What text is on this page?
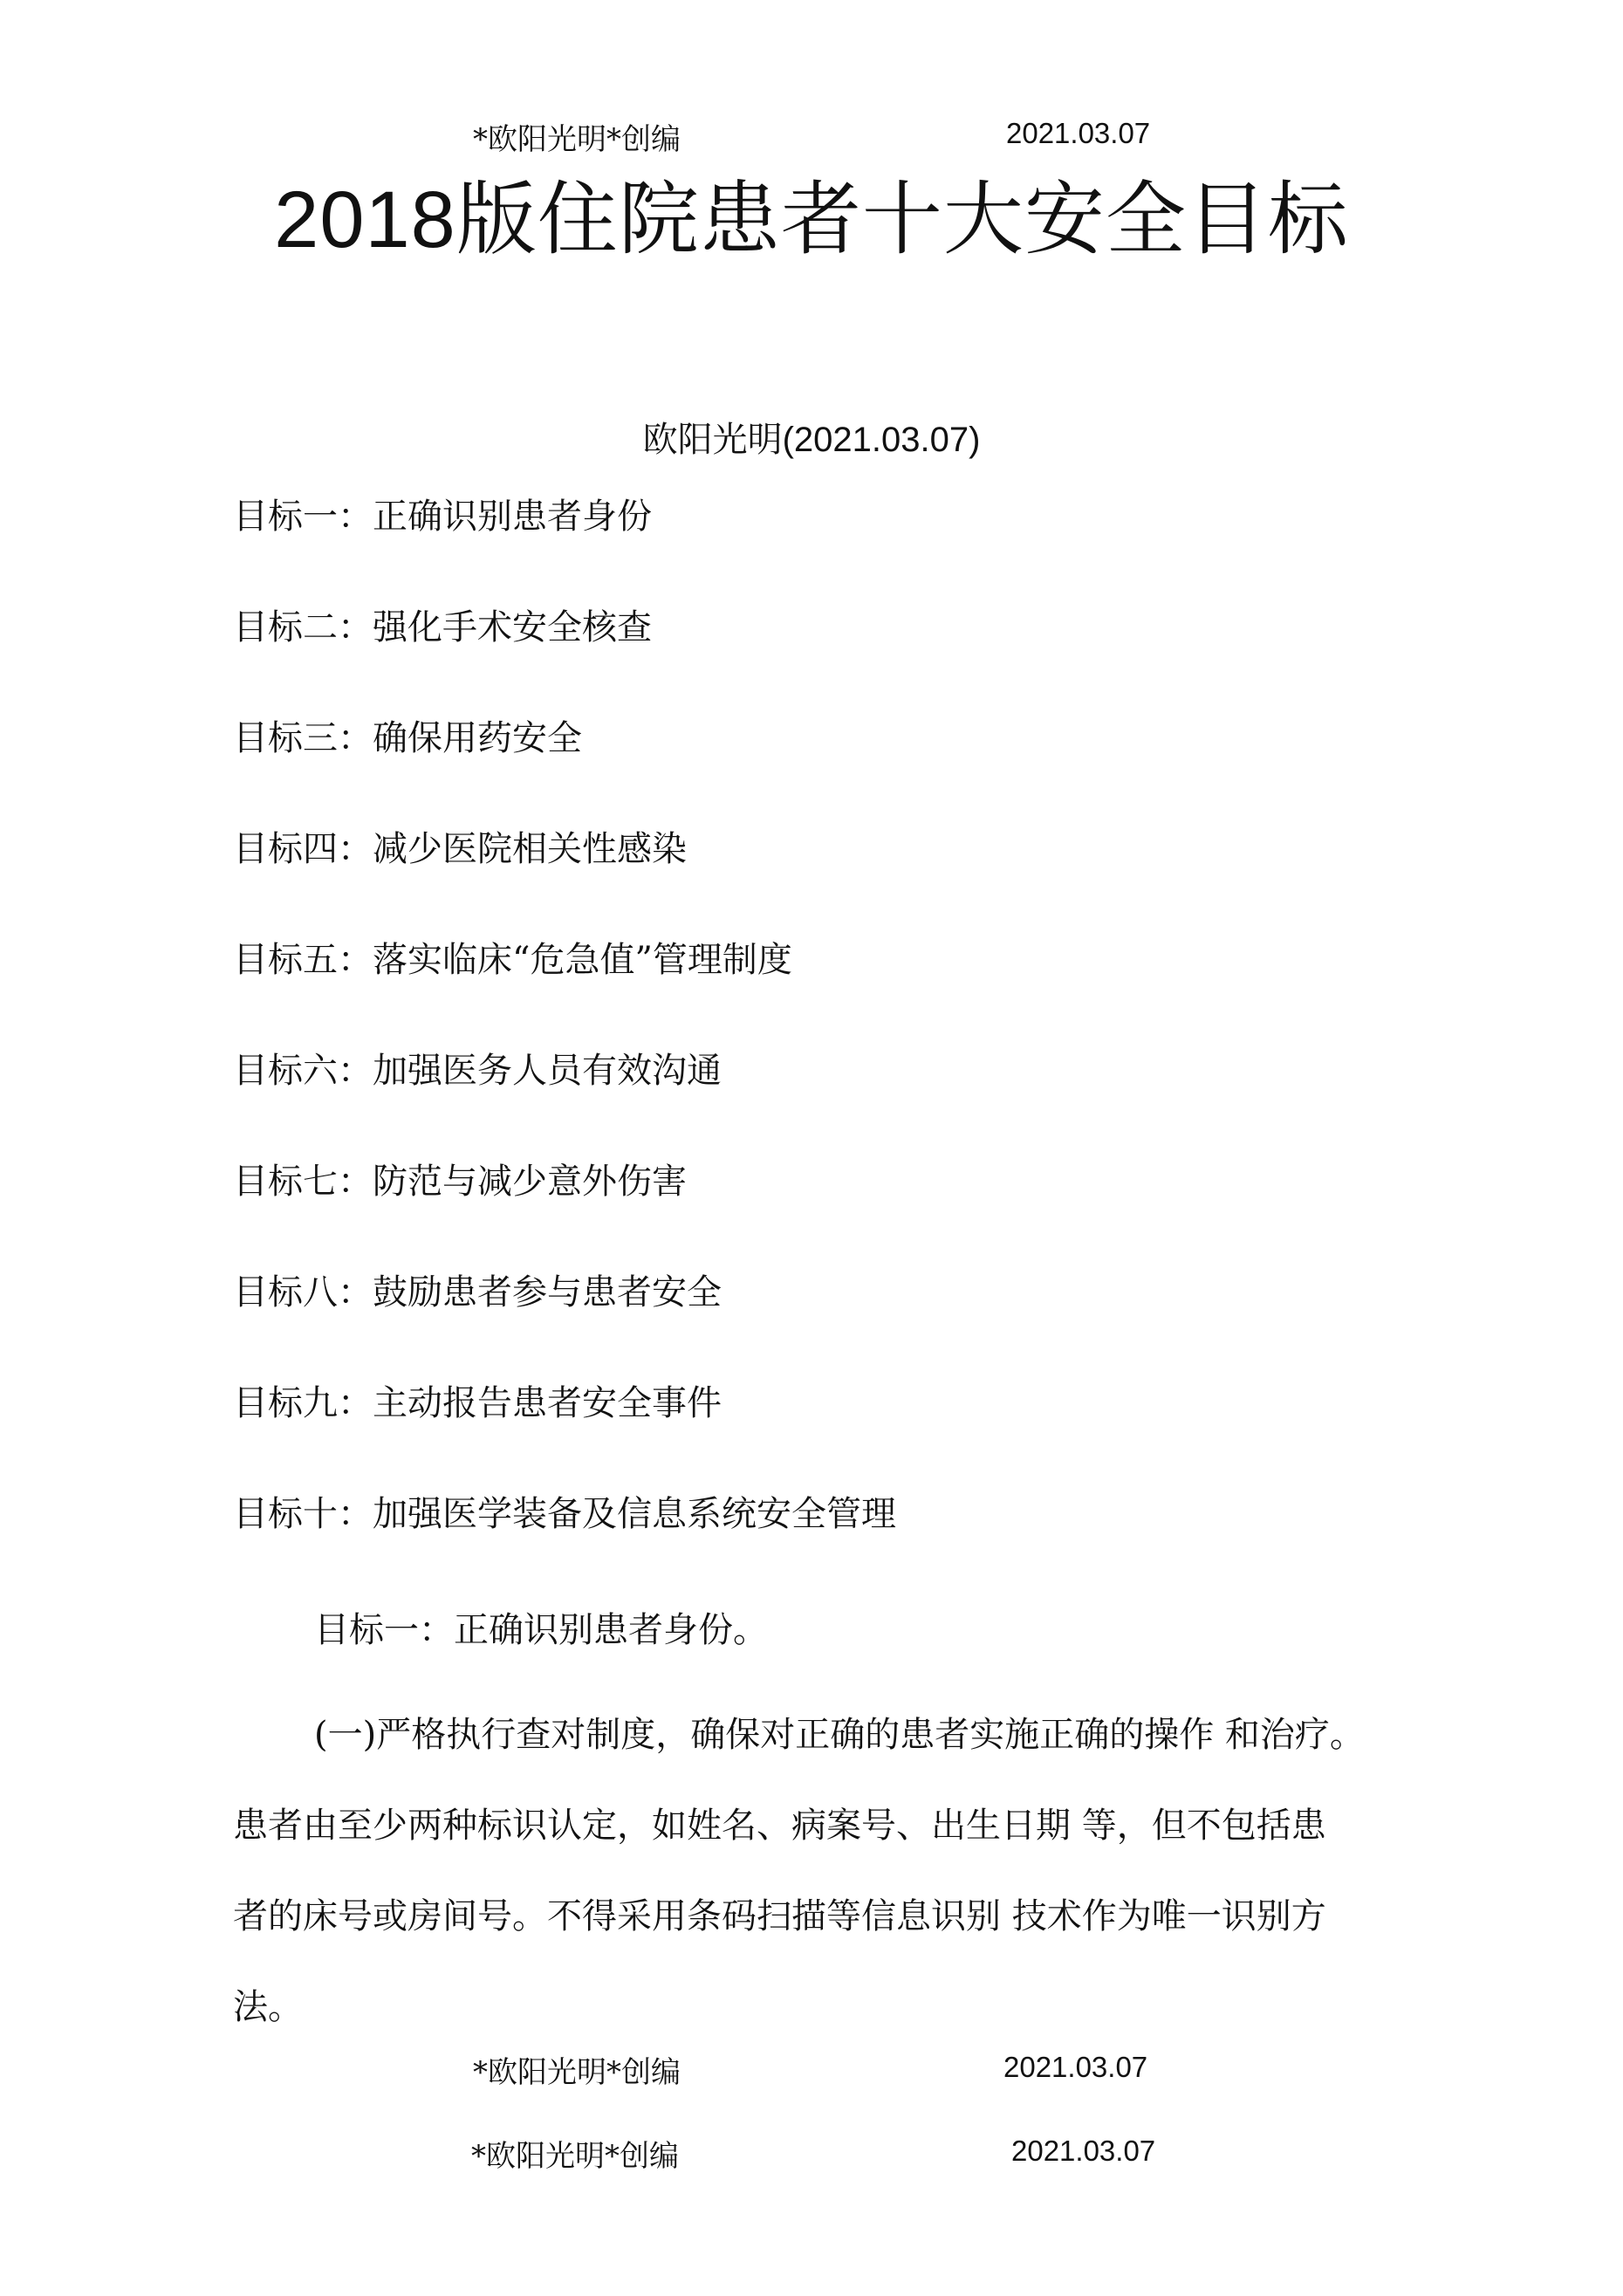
*欧阳光明*创编	2021.03.07
2018版住院患者十大安全目标
欧阳光明(2021.03.07)
目标一：正确识别患者身份
目标二：强化手术安全核查
目标三：确保用药安全
目标四：减少医院相关性感染
目标五：落实临床“危急值”管理制度
目标六：加强医务人员有效沟通
目标七：防范与减少意外伤害
目标八：鼓励患者参与患者安全
目标九：主动报告患者安全事件
目标十：加强医学装备及信息系统安全管理
目标一：正确识别患者身份。

(一)严格执行查对制度，确保对正确的患者实施正确的操作 和治疗。
患者由至少两种标识认定，如姓名、病案号、出生日期 等，但不包括患
者的床号或房间号。不得采用条码扫描等信息识别 技术作为唯一识别方
法。

*欧阳光明*创编	2021.03.07
*欧阳光明*创编	2021.03.07
